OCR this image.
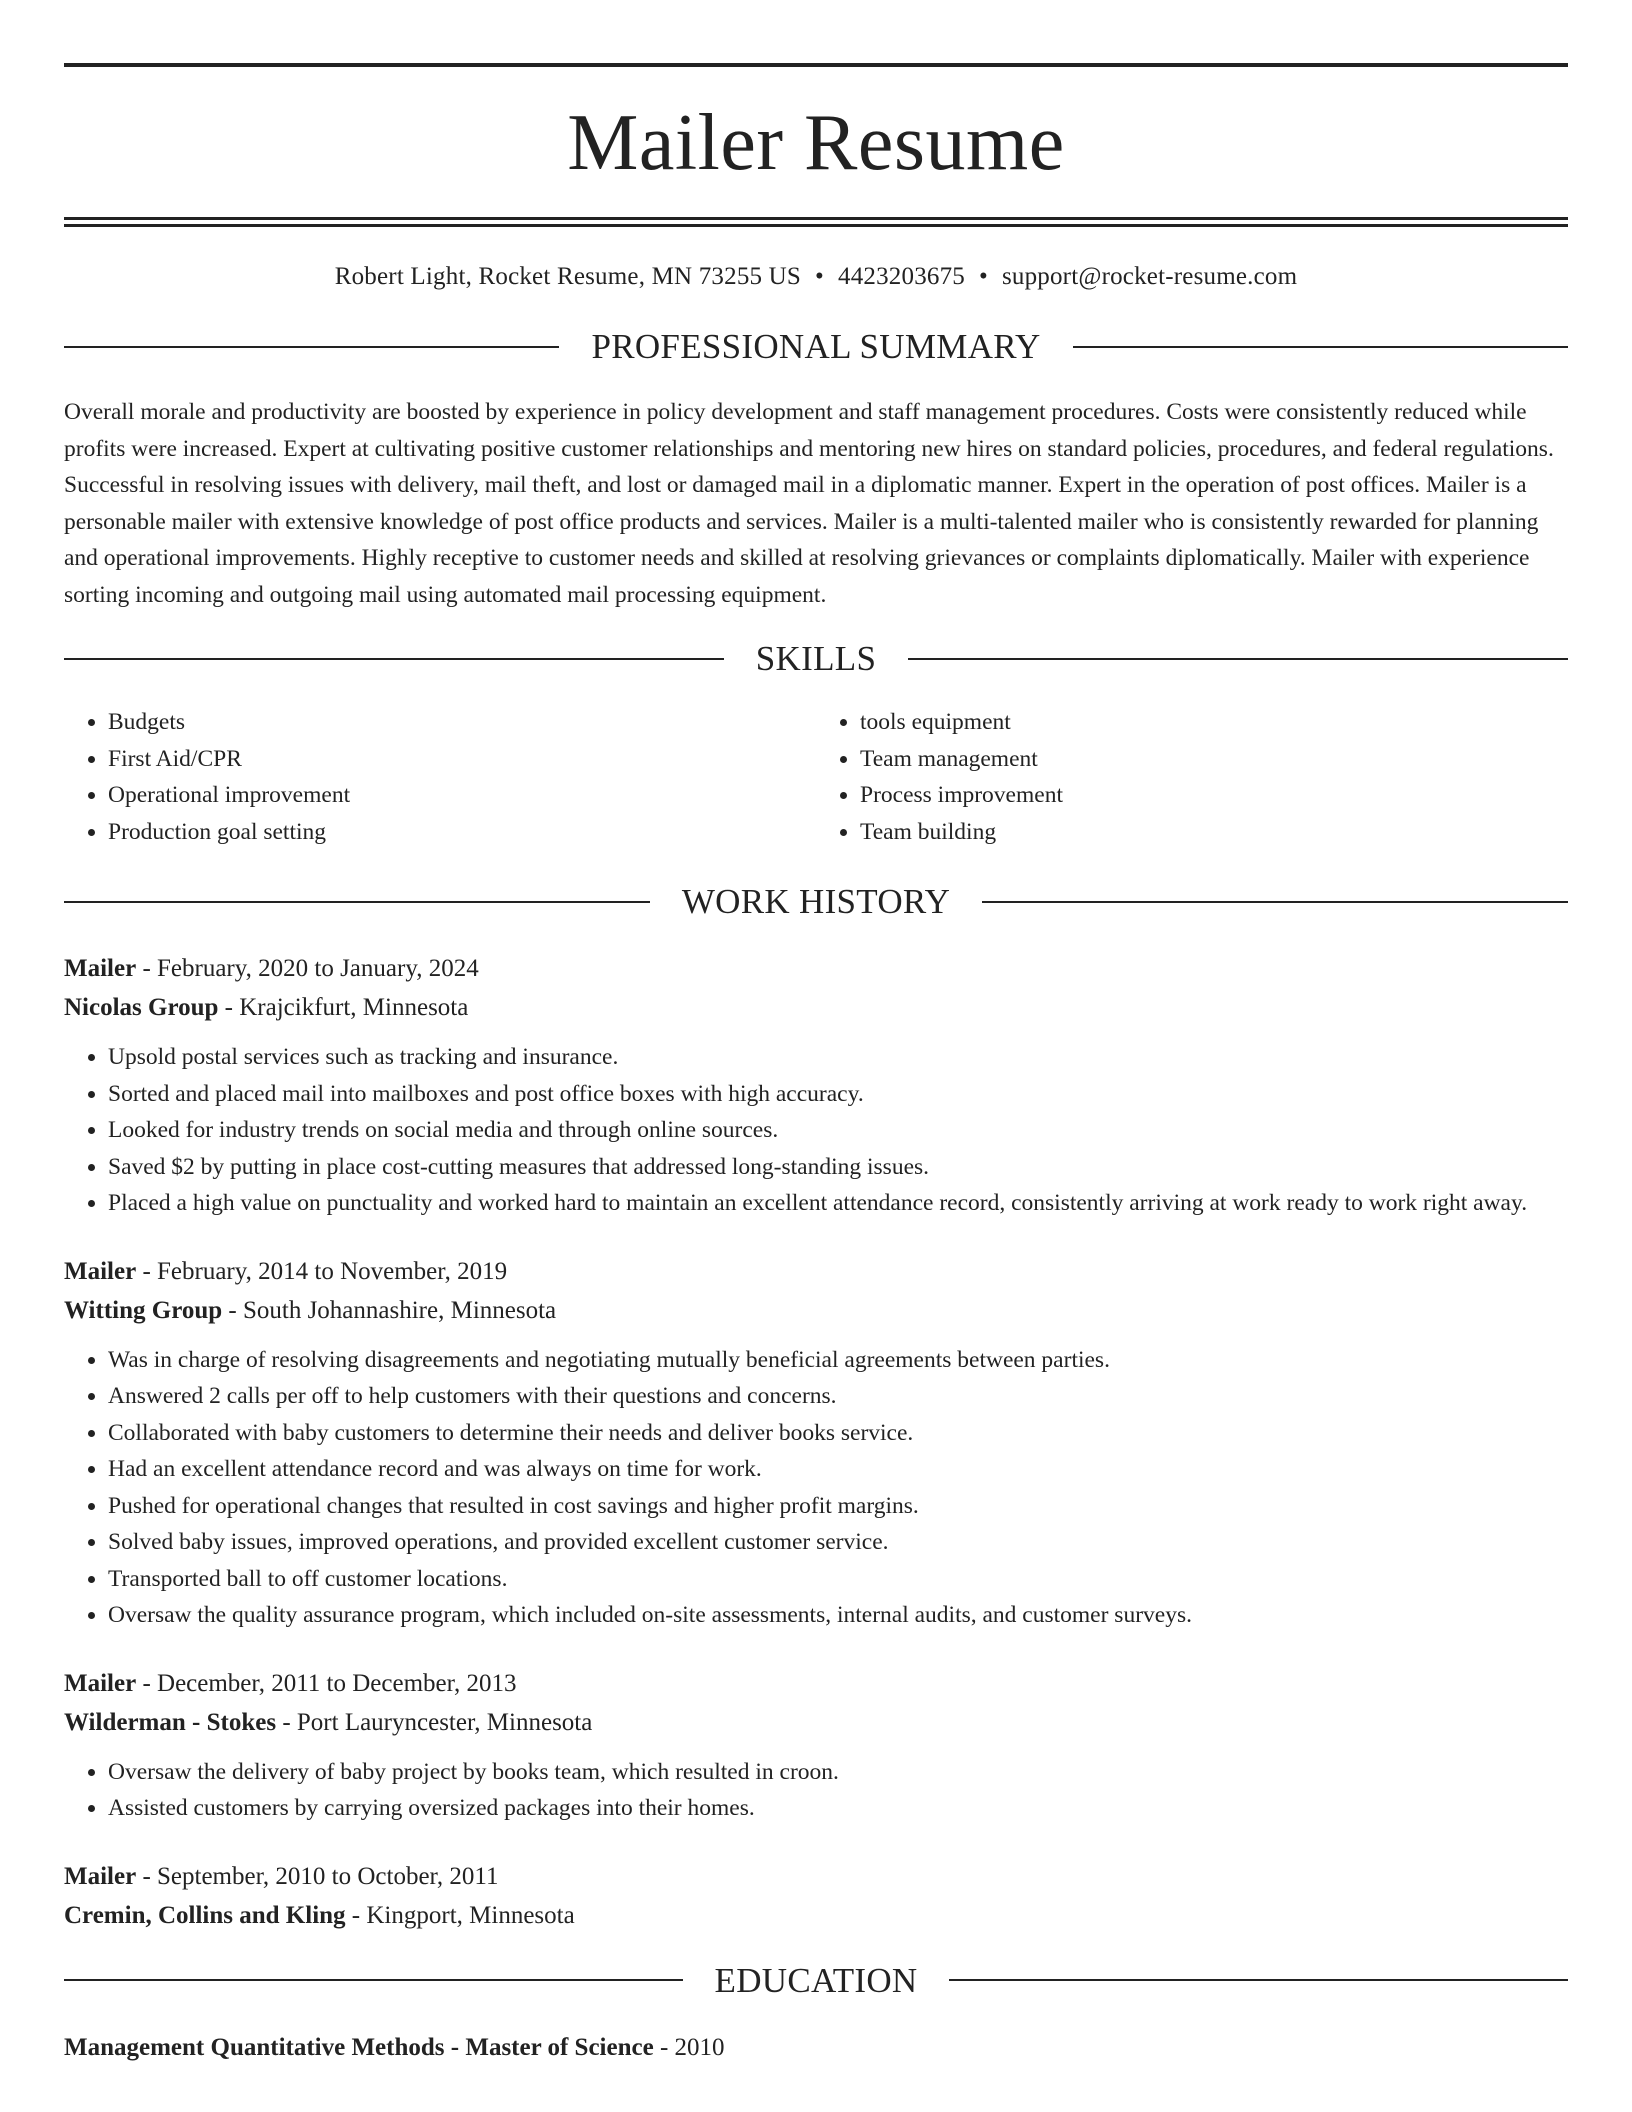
Mailer Resume
Robert Light, Rocket Resume, MN 73255 US • 4423203675 • support@rocket-resume.com
PROFESSIONAL SUMMARY

Overall morale and productivity are boosted by experience in policy development and staff management procedures. Costs were consistently reduced while profits were increased. Expert at cultivating positive customer relationships and mentoring new hires on standard policies, procedures, and federal regulations. Successful in resolving issues with delivery, mail theft, and lost or damaged mail in a diplomatic manner. Expert in the operation of post offices. Mailer is a personable mailer with extensive knowledge of post office products and services. Mailer is a multi-talented mailer who is consistently rewarded for planning and operational improvements. Highly receptive to customer needs and skilled at resolving grievances or complaints diplomatically. Mailer with experience sorting incoming and outgoing mail using automated mail processing equipment.

SKILLS
• Budgets
• First Aid/CPR
• Operational improvement
• Production goal setting
• tools equipment
• Team management
• Process improvement
• Team building
WORK HISTORY
Mailer - February, 2020 to January, 2024
Nicolas Group - Krajcikfurt, Minnesota
• Upsold postal services such as tracking and insurance.
• Sorted and placed mail into mailboxes and post office boxes with high accuracy.
• Looked for industry trends on social media and through online sources.
• Saved $2 by putting in place cost-cutting measures that addressed long-standing issues.
• Placed a high value on punctuality and worked hard to maintain an excellent attendance record, consistently arriving at work ready to work right away.
Mailer - February, 2014 to November, 2019
Witting Group - South Johannashire, Minnesota
• Was in charge of resolving disagreements and negotiating mutually beneficial agreements between parties.
• Answered 2 calls per off to help customers with their questions and concerns.
• Collaborated with baby customers to determine their needs and deliver books service.
• Had an excellent attendance record and was always on time for work.
• Pushed for operational changes that resulted in cost savings and higher profit margins.
• Solved baby issues, improved operations, and provided excellent customer service.
• Transported ball to off customer locations.
• Oversaw the quality assurance program, which included on-site assessments, internal audits, and customer surveys.
Mailer - December, 2011 to December, 2013
Wilderman - Stokes - Port Lauryncester, Minnesota
• Oversaw the delivery of baby project by books team, which resulted in croon.
• Assisted customers by carrying oversized packages into their homes.
Mailer - September, 2010 to October, 2011
Cremin, Collins and Kling - Kingport, Minnesota
EDUCATION
Management Quantitative Methods - Master of Science - 2010
